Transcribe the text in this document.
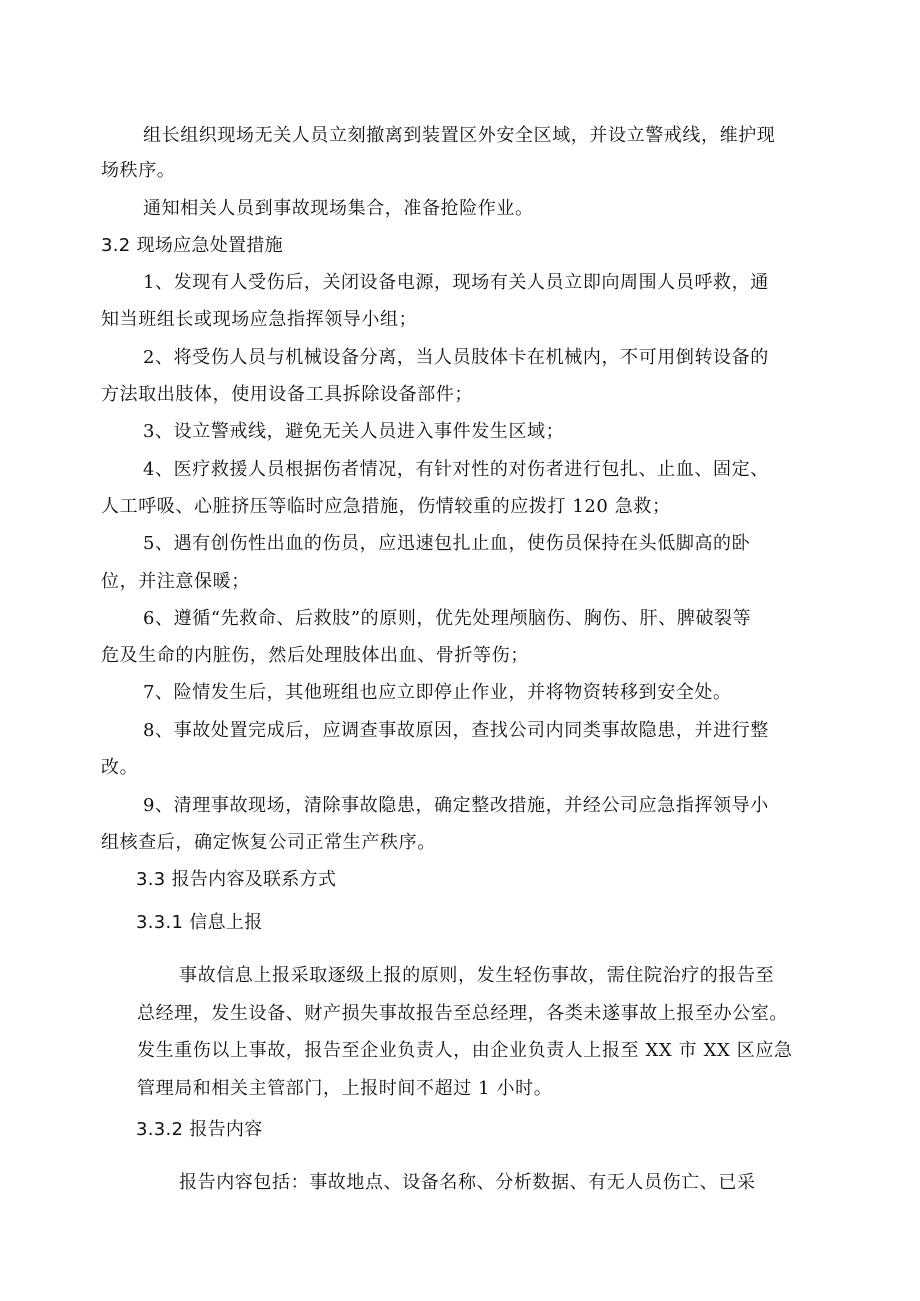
组长组织现场无关人员立刻撤离到装置区外安全区域，并设立警戒线，维护现

场秩序。

通知相关人员到事故现场集合，准备抢险作业。

3.2 现场应急处置措施

1、发现有人受伤后，关闭设备电源，现场有关人员立即向周围人员呼救，通

知当班组长或现场应急指挥领导小组；

2、将受伤人员与机械设备分离，当人员肢体卡在机械内，不可用倒转设备的

方法取出肢体，使用设备工具拆除设备部件；

3、设立警戒线，避免无关人员进入事件发生区域；

4、医疗救援人员根据伤者情况，有针对性的对伤者进行包扎、止血、固定、

人工呼吸、心脏挤压等临时应急措施，伤情较重的应拨打 120 急救；

5、遇有创伤性出血的伤员，应迅速包扎止血，使伤员保持在头低脚高的卧

位，并注意保暖；

6、遵循“先救命、后救肢”的原则，优先处理颅脑伤、胸伤、肝、脾破裂等

危及生命的内脏伤，然后处理肢体出血、骨折等伤；

7、险情发生后，其他班组也应立即停止作业，并将物资转移到安全处。

8、事故处置完成后，应调查事故原因，查找公司内同类事故隐患，并进行整

改。

9、清理事故现场，清除事故隐患，确定整改措施，并经公司应急指挥领导小

组核查后，确定恢复公司正常生产秩序。

3.3 报告内容及联系方式

3.3.1 信息上报

事故信息上报采取逐级上报的原则，发生轻伤事故，需住院治疗的报告至

总经理，发生设备、财产损失事故报告至总经理，各类未遂事故上报至办公室。

发生重伤以上事故，报告至企业负责人，由企业负责人上报至 XX 市 XX 区应急

管理局和相关主管部门，上报时间不超过 1 小时。

3.3.2 报告内容

报告内容包括：事故地点、设备名称、分析数据、有无人员伤亡、已采
